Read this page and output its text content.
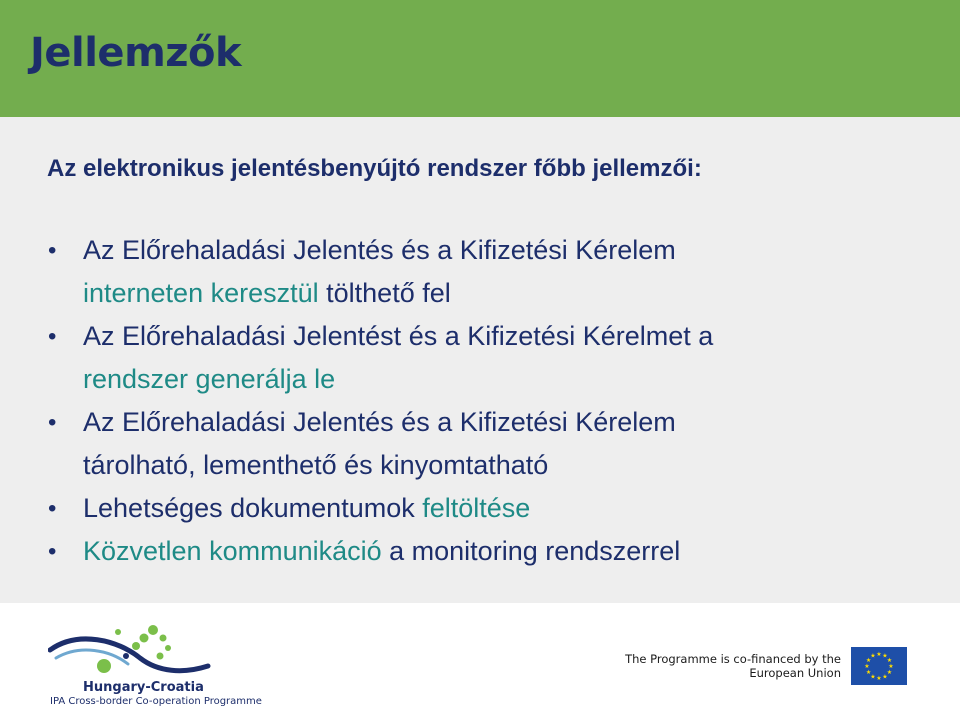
Jellemzők
Az elektronikus jelentésbenyújtó rendszer főbb jellemzői:
• Az Előrehaladási Jelentés és a Kifizetési Kérelem
interneten keresztül tölthető fel
• Az Előrehaladási Jelentést és a Kifizetési Kérelmet a
rendszer generálja le
• Az Előrehaladási Jelentés és a Kifizetési Kérelem
tárolható, lementhető és kinyomtatható
• Lehetséges dokumentumok feltöltése
• Közvetlen kommunikáció a monitoring rendszerrel
Hungary-Croatia
IPA Cross-border Co-operation Programme
The Programme is co-financed by the
European Union	★
★
★
★
★
★
★
★
★ ★ ★
★
